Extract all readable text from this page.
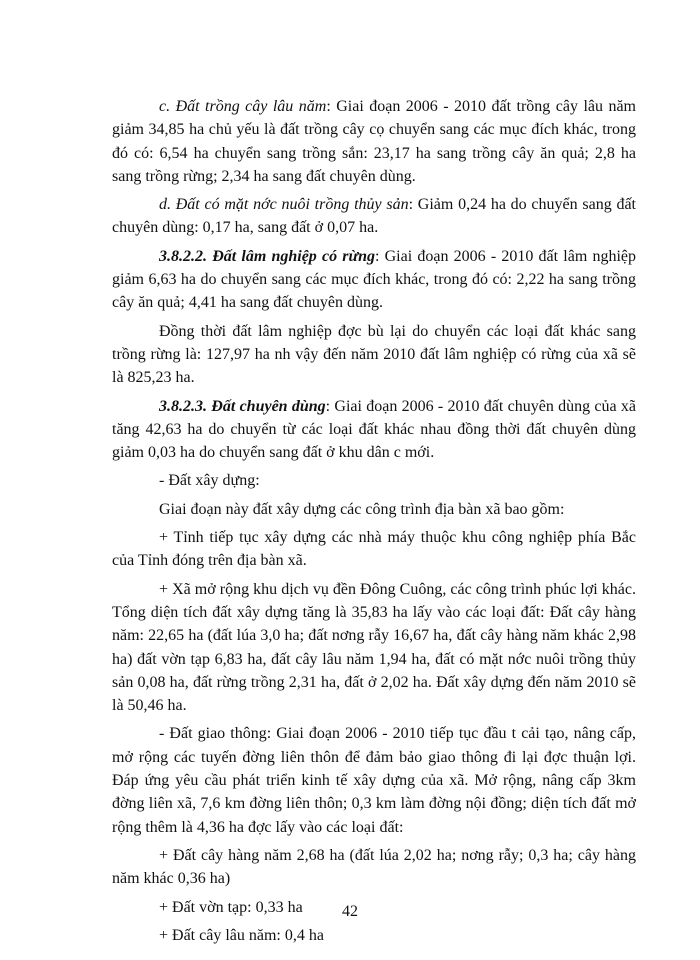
c. Đất trồng cây lâu năm: Giai đoạn 2006 - 2010 đất trồng cây lâu năm giảm 34,85 ha chủ yếu là đất trồng cây cọ chuyển sang các mục đích khác, trong đó có: 6,54 ha chuyển sang trồng sắn: 23,17 ha sang trồng cây ăn quả; 2,8 ha sang trồng rừng; 2,34 ha sang đất chuyên dùng.

d. Đất có mặt nớc nuôi trồng thủy sản: Giảm 0,24 ha do chuyển sang đất chuyên dùng: 0,17 ha, sang đất ở 0,07 ha.

3.8.2.2. Đất lâm nghiệp có rừng: Giai đoạn 2006 - 2010 đất lâm nghiệp giảm 6,63 ha do chuyển sang các mục đích khác, trong đó có: 2,22 ha sang trồng cây ăn quả; 4,41 ha sang đất chuyên dùng.

Đồng thời đất lâm nghiệp đợc bù lại do chuyển các loại đất khác sang trồng rừng là: 127,97 ha nh vậy đến năm 2010 đất lâm nghiệp có rừng của xã sẽ là 825,23 ha.

3.8.2.3. Đất chuyên dùng: Giai đoạn 2006 - 2010 đất chuyên dùng của xã tăng 42,63 ha do chuyển từ các loại đất khác nhau đồng thời đất chuyên dùng giảm 0,03 ha do chuyển sang đất ở khu dân c mới.

- Đất xây dựng:

Giai đoạn này đất xây dựng các công trình địa bàn xã bao gồm:

+ Tỉnh tiếp tục xây dựng các nhà máy thuộc khu công nghiệp phía Bắc của Tỉnh đóng trên địa bàn xã.

+ Xã mở rộng khu dịch vụ đền Đông Cuông, các công trình phúc lợi khác. Tổng diện tích đất xây dựng tăng là 35,83 ha lấy vào các loại đất: Đất cây hàng năm: 22,65 ha (đất lúa 3,0 ha; đất nơng rẫy 16,67 ha, đất cây hàng năm khác 2,98 ha) đất vờn tạp 6,83 ha, đất cây lâu năm 1,94 ha, đất có mặt nớc nuôi trồng thủy sản 0,08 ha, đất rừng trồng 2,31 ha, đất ở 2,02 ha. Đất xây dựng đến năm 2010 sẽ là 50,46 ha.

- Đất giao thông: Giai đoạn 2006 - 2010 tiếp tục đầu t cải tạo, nâng cấp, mở rộng các tuyến đờng liên thôn để đảm bảo giao thông đi lại đợc thuận lợi. Đáp ứng yêu cầu phát triển kinh tế xây dựng của xã. Mở rộng, nâng cấp 3km đờng liên xã, 7,6 km đờng liên thôn; 0,3 km làm đờng nội đồng; diện tích đất mở rộng thêm là 4,36 ha đợc lấy vào các loại đất:

+ Đất cây hàng năm 2,68 ha (đất lúa 2,02 ha; nơng rẫy; 0,3 ha; cây hàng năm khác 0,36 ha)

+ Đất vờn tạp: 0,33 ha

+ Đất cây lâu năm: 0,4 ha

42
